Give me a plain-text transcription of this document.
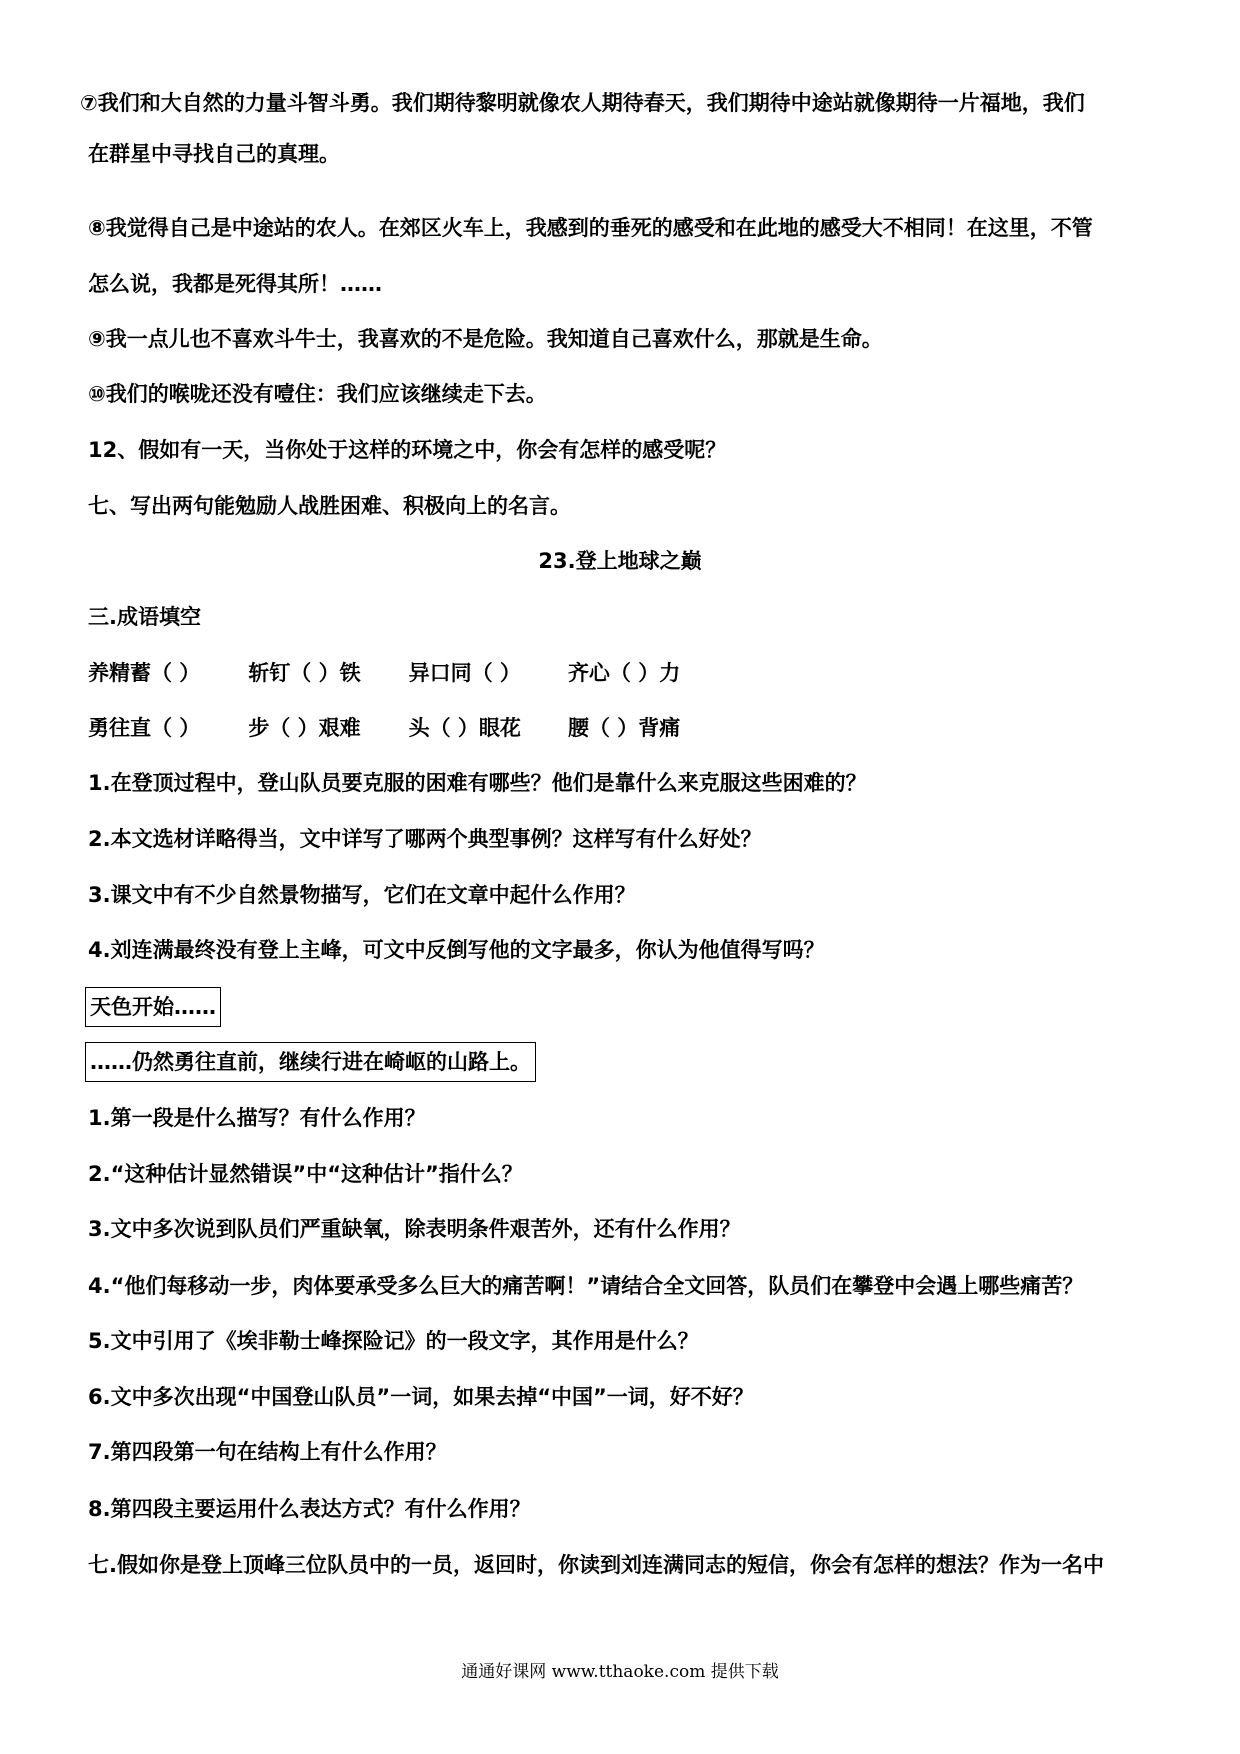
⑦我们和大自然的力量斗智斗勇。我们期待黎明就像农人期待春天，我们期待中途站就像期待一片福地，我们
在群星中寻找自己的真理。
⑧我觉得自己是中途站的农人。在郊区火车上，我感到的垂死的感受和在此地的感受大不相同！在这里，不管
怎么说，我都是死得其所！……
⑨我一点儿也不喜欢斗牛士，我喜欢的不是危险。我知道自己喜欢什么，那就是生命。
⑩我们的喉咙还没有噎住：我们应该继续走下去。
12、假如有一天，当你处于这样的环境之中，你会有怎样的感受呢？
七、写出两句能勉励人战胜困难、积极向上的名言。
23.登上地球之巅
三.成语填空
养精蓄（ ） 斩钉（ ）铁 异口同（ ） 齐心（ ）力
勇往直（ ） 步（ ）艰难 头（ ）眼花 腰（ ）背痛
1.在登顶过程中，登山队员要克服的困难有哪些？他们是靠什么来克服这些困难的？
2.本文选材详略得当，文中详写了哪两个典型事例？这样写有什么好处？
3.课文中有不少自然景物描写，它们在文章中起什么作用？
4.刘连满最终没有登上主峰，可文中反倒写他的文字最多，你认为他值得写吗？
天色开始……
……仍然勇往直前，继续行进在崎岖的山路上。
1.第一段是什么描写？有什么作用？
2.“这种估计显然错误”中“这种估计”指什么？
3.文中多次说到队员们严重缺氧，除表明条件艰苦外，还有什么作用？
4.“他们每移动一步，肉体要承受多么巨大的痛苦啊！”请结合全文回答，队员们在攀登中会遇上哪些痛苦？
5.文中引用了《埃非勒士峰探险记》的一段文字，其作用是什么？
6.文中多次出现“中国登山队员”一词，如果去掉“中国”一词，好不好？
7.第四段第一句在结构上有什么作用？
8.第四段主要运用什么表达方式？有什么作用？
七.假如你是登上顶峰三位队员中的一员，返回时，你读到刘连满同志的短信，你会有怎样的想法？作为一名中
通通好课网 www.tthaoke.com 提供下载
